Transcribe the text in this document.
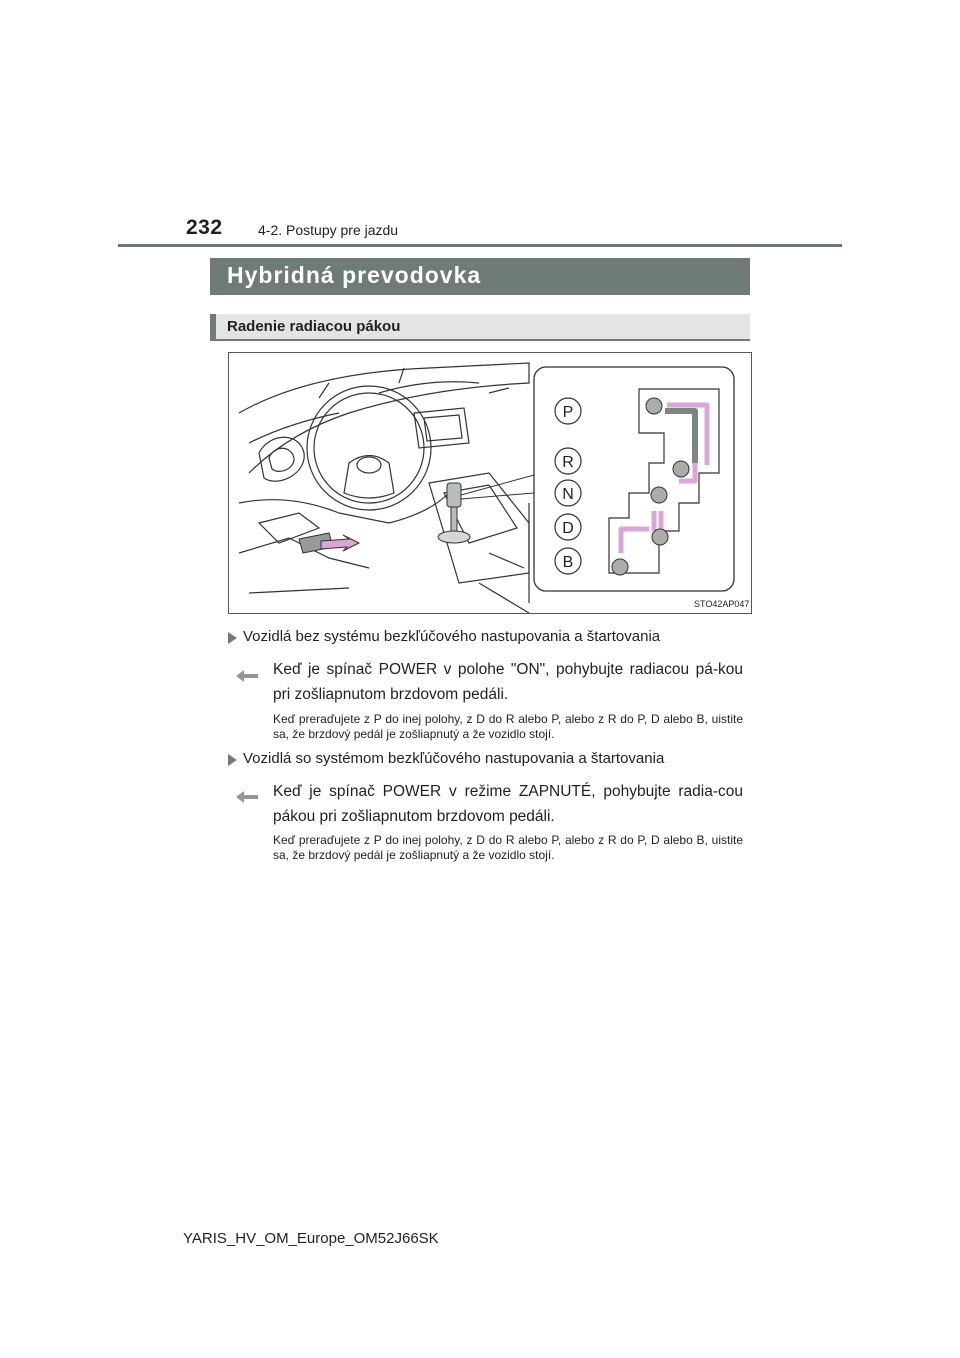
232	4-2. Postupy pre jazdu
Hybridná prevodovka
Radenie radiacou pákou
P
R
N
D
B
STO42AP047
Vozidlá bez systému bezkľúčového nastupovania a štartovania
Keď je spínač POWER v polohe "ON", pohybujte radiacou pá-kou pri zošliapnutom brzdovom pedáli.
Keď preraďujete z P do inej polohy, z D do R alebo P, alebo z R do P, D alebo B, uistite sa, že brzdový pedál je zošliapnutý a že vozidlo stojí.
Vozidlá so systémom bezkľúčového nastupovania a štartovania
Keď je spínač POWER v režime ZAPNUTÉ, pohybujte radia-cou pákou pri zošliapnutom brzdovom pedáli.
Keď preraďujete z P do inej polohy, z D do R alebo P, alebo z R do P, D alebo B, uistite sa, že brzdový pedál je zošliapnutý a že vozidlo stojí.
YARIS_HV_OM_Europe_OM52J66SK
